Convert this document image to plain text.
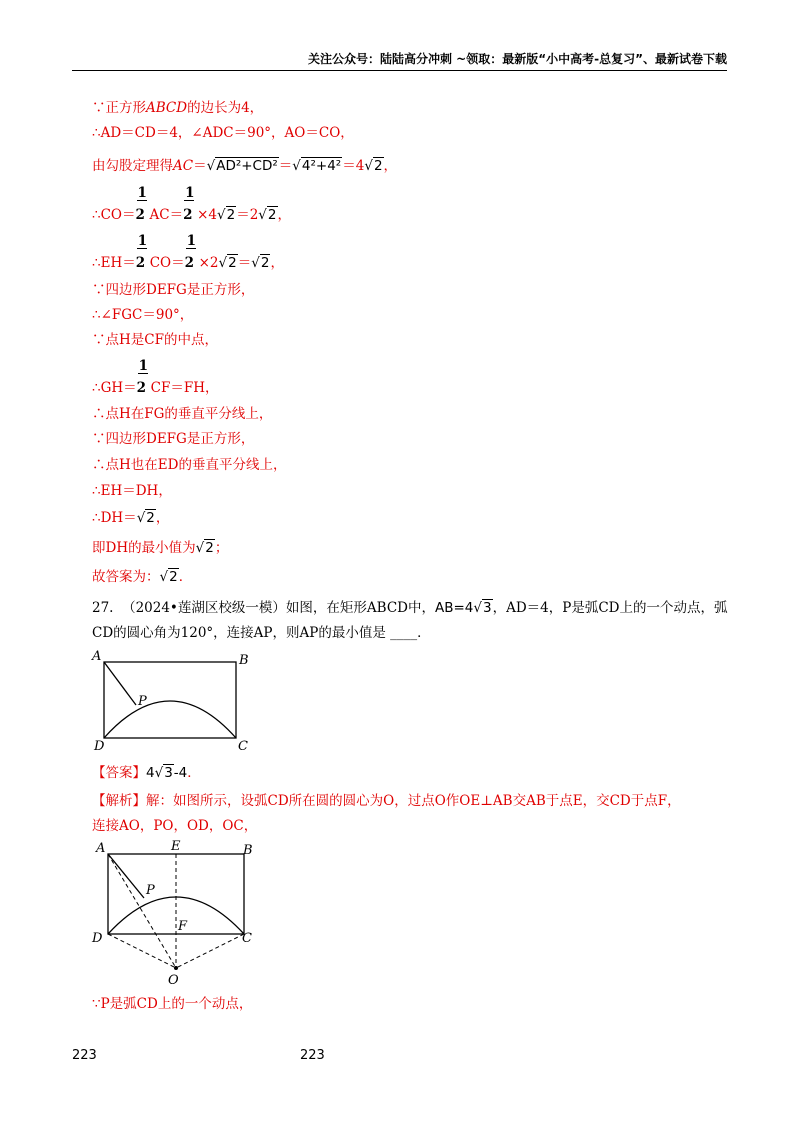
关注公众号：陆陆高分冲刺 ~领取：最新版“小中高考-总复习”、最新试卷下载
∵正方形ABCD的边长为4，
∴AD＝CD＝4，∠ADC＝90°，AO＝CO，
由勾股定理得AC＝√AD²+CD²＝√4²+4²＝4√2，
∴CO＝ $\frac{1}{2}AC= \frac{1}{2}\times 4√2=2√2$，
∴EH＝ $\frac{1}{2}CO= \frac{1}{2}\times 2√2=√2$，
∵四边形DEFG是正方形，
∴∠FGC＝90°，
∵点H是CF的中点，
∴GH＝ $\frac{1}{2}CF=FH$，
∴点H在FG的垂直平分线上，
∵四边形DEFG是正方形，
∴点H也在ED的垂直平分线上，
∴EH＝DH，
∴DH＝√2，
即DH的最小值为√2；
故答案为：√2．
27. （2024•莲湖区校级一模）如图，在矩形ABCD中，AB=4√3，AD＝4，P是弧CD上的一个动点，弧
CD的圆心角为120°，连接AP，则AP的最小值是 ____．
A	B
C
D
P
【答案】4√3-4．
【解析】解：如图所示，设弧CD所在圆的圆心为O，过点O作OE⊥AB交AB于点E，交CD于点F，
连接AO，PO，OD，OC，
A	E	B
C
D
F
P
O
∵P是弧CD上的一个动点，
223	223
